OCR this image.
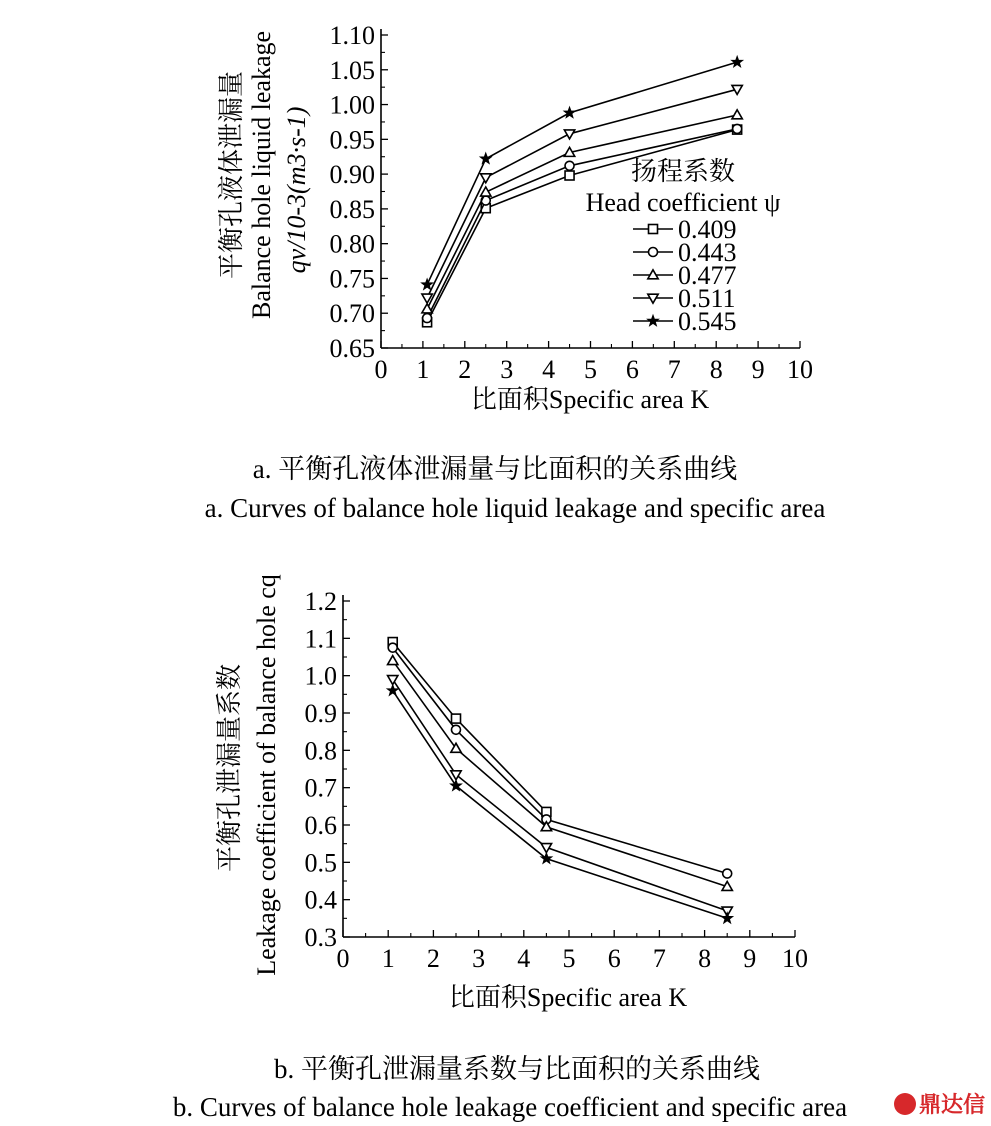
平衡孔液体泄漏量 Balance hole liquid leakage qv/10-3(m3·s-1)
比面积Specific area K
扬程系数
Head coefficient ψ
a. 平衡孔液体泄漏量与比面积的关系曲线
a. Curves of balance hole liquid leakage and specific area
平衡孔泄漏量系数 Leakage coefficient of balance hole cq
比面积Specific area K
b. 平衡孔泄漏量系数与比面积的关系曲线
b. Curves of balance hole leakage coefficient and specific area
0 1 2 3 4 5 6 7 8 9 10
0.65
0.70
0.75
0.80
0.85
0.90
0.95
1.00
1.05
1.10
0.409
0.443
0.477
0.511
0.545
0 1 2 3 4 5 6 7 8 9 10
0.3
0.4
0.5
0.6
0.7
0.8
0.9
1.0
1.1
1.2
鼎达信
